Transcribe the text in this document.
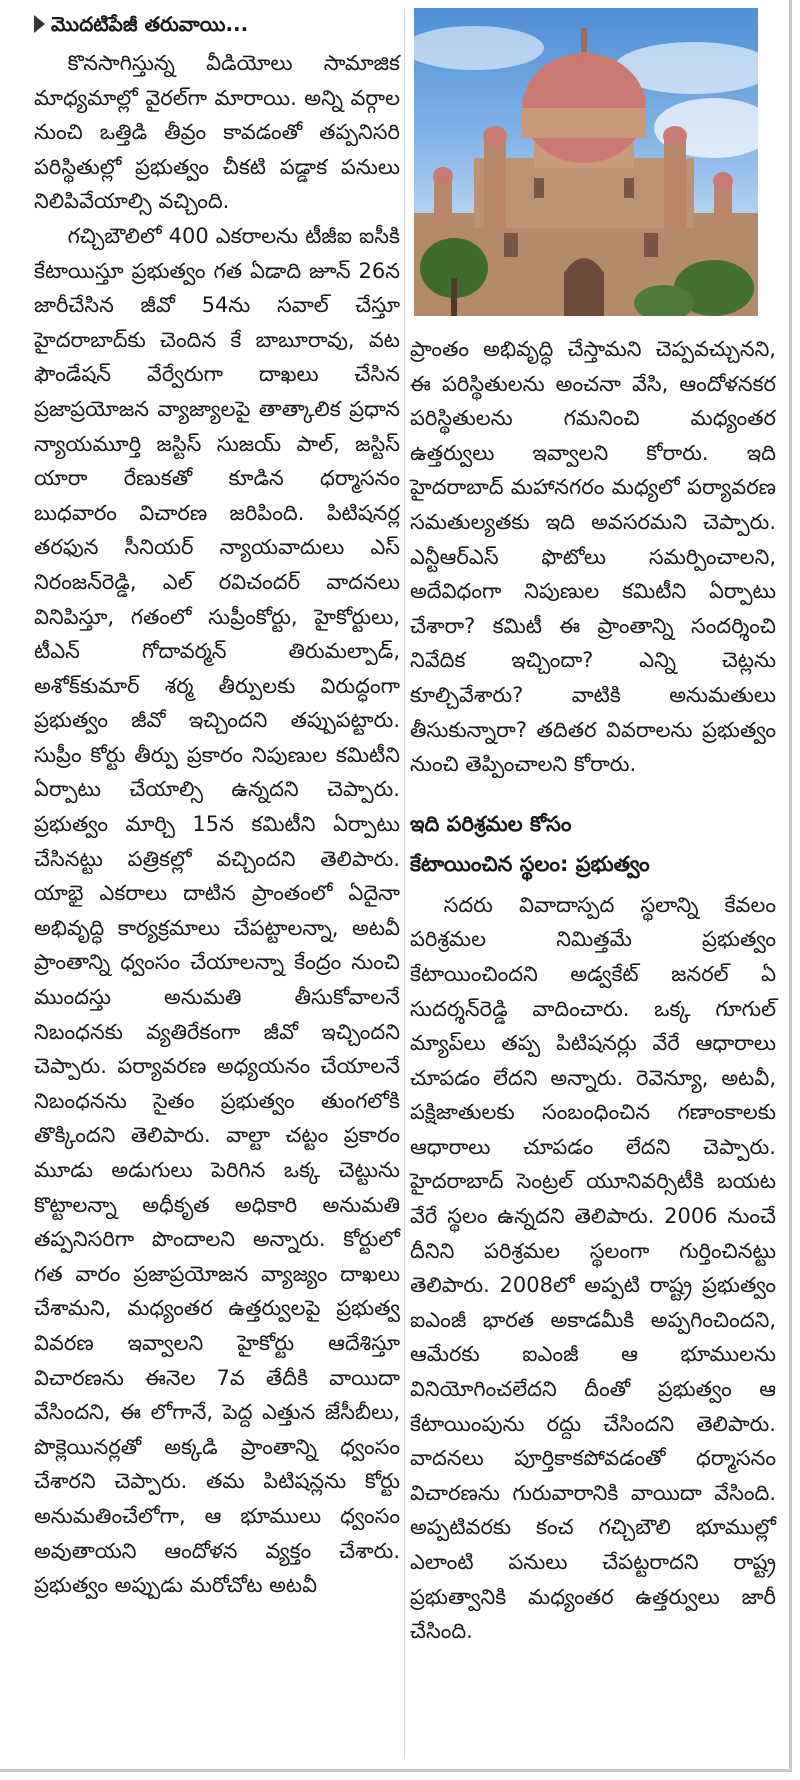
మొదటిపేజీ తరువాయి...

కొనసాగిస్తున్న వీడియోలు సామాజిక మాధ్యమాల్లో వైరల్‌గా మారాయి. అన్ని వర్గాల నుంచి ఒత్తిడి తీవ్రం కావడంతో తప్పనిసరి పరిస్థితుల్లో ప్రభుత్వం చీకటి పడ్డాక పనులు నిలిపివేయాల్సి వచ్చింది.

గచ్చిబౌలిలో 400 ఎకరాలను టీజీఐ ఐసీకి కేటాయిస్తూ ప్రభుత్వం గత ఏడాది జూన్ 26న జారీచేసిన జీవో 54ను సవాల్ చేస్తూ హైదరాబాద్‌కు చెందిన కే బాబూరావు, వట ఫౌండేషన్ వేర్వేరుగా దాఖలు చేసిన ప్రజాప్రయోజన వ్యాజ్యాలపై తాత్కాలిక ప్రధాన న్యాయమూర్తి జస్టిస్ సుజయ్ పాల్, జస్టిస్ యారా రేణుకతో కూడిన ధర్మాసనం బుధవారం విచారణ జరిపింది. పిటిషనర్ల తరఫున సీనియర్ న్యాయవాదులు ఎస్ నిరంజన్‌రెడ్డి, ఎల్ రవిచందర్ వాదనలు వినిపిస్తూ, గతంలో సుప్రీంకోర్టు, హైకోర్టులు, టీఎన్ గోదావర్మన్ తిరుమల్పాడ్, అశోక్‌కుమార్ శర్మ తీర్పులకు విరుద్ధంగా ప్రభుత్వం జీవో ఇచ్చిందని తప్పుపట్టారు. సుప్రీం కోర్టు తీర్పు ప్రకారం నిపుణుల కమిటీని ఏర్పాటు చేయాల్సి ఉన్నదని చెప్పారు. ప్రభుత్వం మార్చి 15న కమిటీని ఏర్పాటు చేసినట్టు పత్రికల్లో వచ్చిందని తెలిపారు. యాభై ఎకరాలు దాటిన ప్రాంతంలో ఏదైనా అభివృద్ధి కార్యక్రమాలు చేపట్టాలన్నా, అటవీ ప్రాంతాన్ని ధ్వంసం చేయాలన్నా కేంద్రం నుంచి ముందస్తు అనుమతి తీసుకోవాలనే నిబంధనకు వ్యతిరేకంగా జీవో ఇచ్చిందని చెప్పారు. పర్యావరణ అధ్యయనం చేయాలనే నిబంధనను సైతం ప్రభుత్వం తుంగలోకి తొక్కిందని తెలిపారు. వాల్టా చట్టం ప్రకారం మూడు అడుగులు పెరిగిన ఒక్క చెట్టును కొట్టాలన్నా అధీకృత అధికారి అనుమతి తప్పనిసరిగా పొందాలని అన్నారు. కోర్టులో గత వారం ప్రజాప్రయోజన వ్యాజ్యం దాఖలు చేశామని, మధ్యంతర ఉత్తర్వులపై ప్రభుత్వ వివరణ ఇవ్వాలని హైకోర్టు ఆదేశిస్తూ విచారణను ఈనెల 7వ తేదీకి వాయిదా వేసిందని, ఈ లోగానే, పెద్ద ఎత్తున జేసీబీలు, పొక్లెయినర్లతో అక్కడి ప్రాంతాన్ని ధ్వంసం చేశారని చెప్పారు. తమ పిటిషన్లను కోర్టు అనుమతించేలోగా, ఆ భూములు ధ్వంసం అవుతాయని ఆందోళన వ్యక్తం చేశారు. ప్రభుత్వం అప్పుడు మరోచోట అటవీ

ప్రాంతం అభివృద్ధి చేస్తామని చెప్పవచ్చునని, ఈ పరిస్థితులను అంచనా వేసి, ఆందోళనకర పరిస్థితులను గమనించి మధ్యంతర ఉత్తర్వులు ఇవ్వాలని కోరారు. ఇది హైదరాబాద్ మహానగరం మధ్యలో పర్యావరణ సమతుల్యతకు ఇది అవసరమని చెప్పారు. ఎన్టీఆర్ఎస్ ఫొటోలు సమర్పించాలని, అదేవిధంగా నిపుణుల కమిటీని ఏర్పాటు చేశారా? కమిటీ ఈ ప్రాంతాన్ని సందర్శించి నివేదిక ఇచ్చిందా? ఎన్ని చెట్లను కూల్చివేశారు? వాటికి అనుమతులు తీసుకున్నారా? తదితర వివరాలను ప్రభుత్వం నుంచి తెప్పించాలని కోరారు.

ఇది పరిశ్రమల కోసం
కేటాయించిన స్థలం: ప్రభుత్వం

సదరు వివాదాస్పద స్థలాన్ని కేవలం పరిశ్రమల నిమిత్తమే ప్రభుత్వం కేటాయించిందని అడ్వకేట్ జనరల్ ఏ సుదర్శన్‌రెడ్డి వాదించారు. ఒక్క గూగుల్ మ్యాప్‌లు తప్ప పిటిషనర్లు వేరే ఆధారాలు చూపడం లేదని అన్నారు. రెవెన్యూ, అటవీ, పక్షిజాతులకు సంబంధించిన గణాంకాలకు ఆధారాలు చూపడం లేదని చెప్పారు. హైదరాబాద్ సెంట్రల్ యూనివర్సిటీకి బయట వేరే స్థలం ఉన్నదని తెలిపారు. 2006 నుంచే దీనిని పరిశ్రమల స్థలంగా గుర్తించినట్టు తెలిపారు. 2008లో అప్పటి రాష్ట్ర ప్రభుత్వం ఐఎంజీ భారత అకాడమీకి అప్పగించిందని, ఆమేరకు ఐఎంజీ ఆ భూములను వినియోగించలేదని దీంతో ప్రభుత్వం ఆ కేటాయింపును రద్దు చేసిందని తెలిపారు. వాదనలు పూర్తికాకపోవడంతో ధర్మాసనం విచారణను గురువారానికి వాయిదా వేసింది. అప్పటివరకు కంచ గచ్చిబౌలి భూముల్లో ఎలాంటి పనులు చేపట్టరాదని రాష్ట్ర ప్రభుత్వానికి మధ్యంతర ఉత్తర్వులు జారీ చేసింది.
